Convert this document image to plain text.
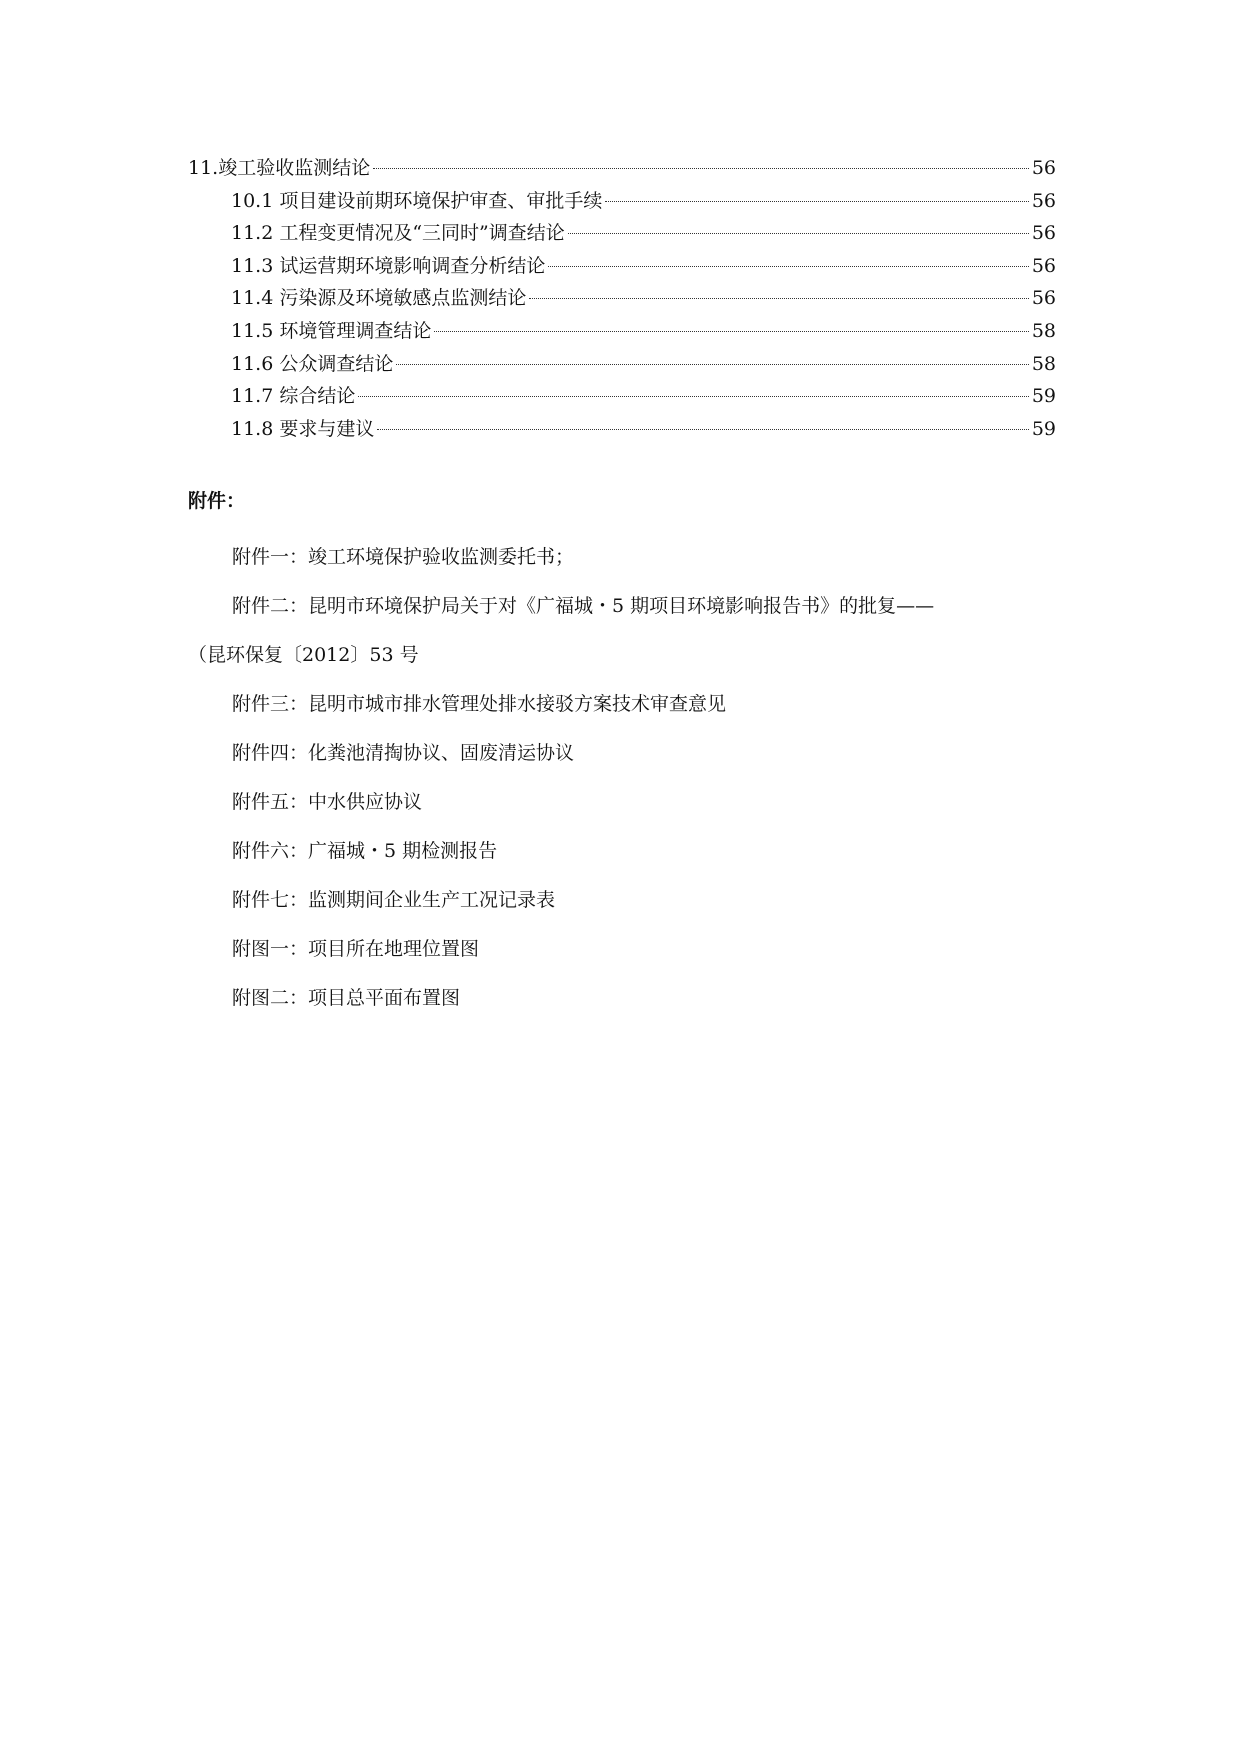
11.竣工验收监测结论	56
10.1 项目建设前期环境保护审查、审批手续	56
11.2 工程变更情况及“三同时”调查结论	56
11.3 试运营期环境影响调查分析结论	56
11.4 污染源及环境敏感点监测结论	56
11.5 环境管理调查结论	58
11.6 公众调查结论	58
11.7 综合结论	59
11.8 要求与建议	59
附件：
附件一：竣工环境保护验收监测委托书；
附件二：昆明市环境保护局关于对《广福城・5 期项目环境影响报告书》的批复——
（昆环保复〔2012〕53 号
附件三：昆明市城市排水管理处排水接驳方案技术审查意见
附件四：化粪池清掏协议、固废清运协议
附件五：中水供应协议
附件六：广福城・5 期检测报告
附件七：监测期间企业生产工况记录表
附图一：项目所在地理位置图
附图二：项目总平面布置图
